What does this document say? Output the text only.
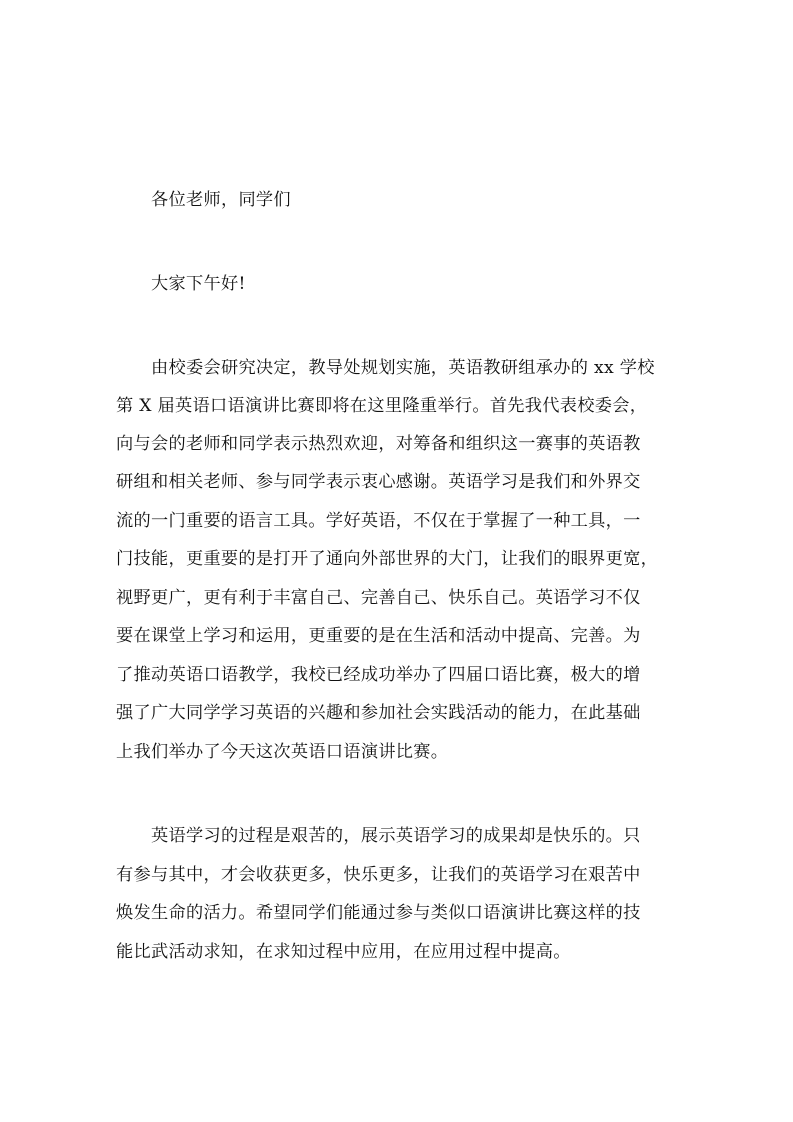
各位老师，同学们
大家下午好!
由校委会研究决定，教导处规划实施，英语教研组承办的 xx 学校
第 X 届英语口语演讲比赛即将在这里隆重举行。首先我代表校委会，
向与会的老师和同学表示热烈欢迎，对筹备和组织这一赛事的英语教
研组和相关老师、参与同学表示衷心感谢。英语学习是我们和外界交
流的一门重要的语言工具。学好英语，不仅在于掌握了一种工具，一
门技能，更重要的是打开了通向外部世界的大门，让我们的眼界更宽，
视野更广，更有利于丰富自己、完善自己、快乐自己。英语学习不仅
要在课堂上学习和运用，更重要的是在生活和活动中提高、完善。为
了推动英语口语教学，我校已经成功举办了四届口语比赛，极大的增
强了广大同学学习英语的兴趣和参加社会实践活动的能力，在此基础
上我们举办了今天这次英语口语演讲比赛。
英语学习的过程是艰苦的，展示英语学习的成果却是快乐的。只
有参与其中，才会收获更多，快乐更多，让我们的英语学习在艰苦中
焕发生命的活力。希望同学们能通过参与类似口语演讲比赛这样的技
能比武活动求知，在求知过程中应用，在应用过程中提高。
